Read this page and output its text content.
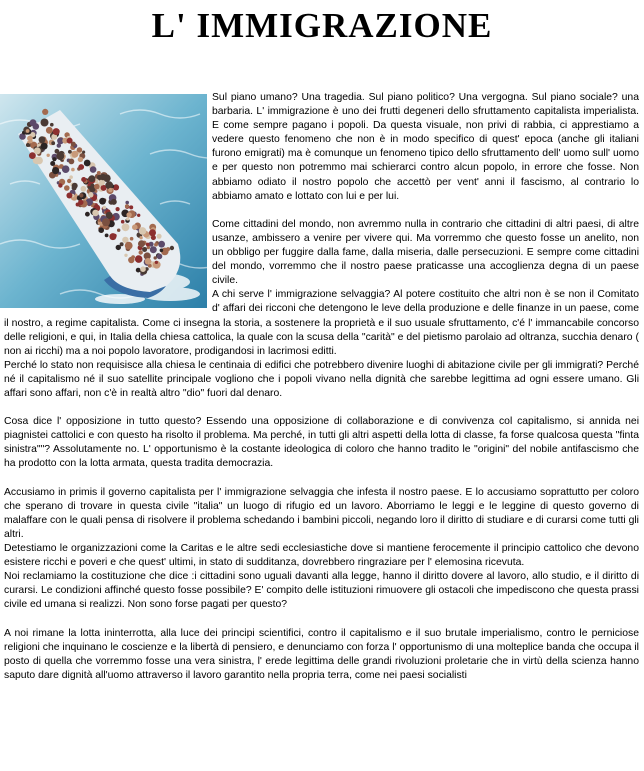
L' IMMIGRAZIONE

Sul piano umano? Una tragedia. Sul piano politico? Una vergogna. Sul piano sociale? una barbaria. L' immigrazione è uno dei frutti degeneri dello sfruttamento capitalista imperialista. E come sempre pagano i popoli. Da questa visuale, non privi di rabbia, ci apprestiamo a vedere questo fenomeno che non è in modo specifico di quest' epoca (anche gli italiani furono emigrati) ma è comunque un fenomeno tipico dello sfruttamento dell' uomo sull' uomo e per questo non potremmo mai schierarci contro alcun popolo, in errore che fosse. Non abbiamo odiato il nostro popolo che accettò per vent' anni il fascismo, al contrario lo abbiamo amato e lottato con lui e per lui.

Come cittadini del mondo, non avremmo nulla in contrario che cittadini di altri paesi, di altre usanze, ambissero a venire per vivere qui. Ma vorremmo che questo fosse un anelito, non un obbligo per fuggire dalla fame, dalla miseria, dalle persecuzioni. E sempre come cittadini del mondo, vorremmo che il nostro paese praticasse una accoglienza degna di un paese civile.

A chi serve l' immigrazione selvaggia? Al potere costituito che altri non è se non il Comitato d' affari dei ricconi che detengono le leve della produzione e delle finanze in un paese, come il nostro, a regime capitalista. Come ci insegna la storia, a sostenere la proprietà e il suo usuale sfruttamento, c'é l' immancabile concorso delle religioni, e qui, in Italia della chiesa cattolica, la quale con la scusa della "carità" e del pietismo parolaio ad oltranza, succhia denaro ( non ai ricchi) ma a noi popolo lavoratore, prodigandosi in lacrimosi editti.

Perché lo stato non requisisce alla chiesa le centinaia di edifici che potrebbero divenire luoghi di abitazione civile per gli immigrati? Perché né il capitalismo né il suo satellite principale vogliono che i popoli vivano nella dignità che sarebbe legittima ad ogni essere umano. Gli affari sono affari, non c'è in realtà altro "dio" fuori dal denaro.

Cosa dice l' opposizione in tutto questo? Essendo una opposizione di collaborazione e di convivenza col capitalismo, si annida nei piagnistei cattolici e con questo ha risolto il problema. Ma perché, in tutti gli altri aspetti della lotta di classe, fa forse qualcosa questa "finta sinistra""? Assolutamente no. L' opportunismo è la costante ideologica di coloro che hanno tradito le "origini" del nobile antifascismo che ha prodotto con la lotta armata, questa tradita democrazia.

Accusiamo in primis il governo capitalista per l' immigrazione selvaggia che infesta il nostro paese. E lo accusiamo soprattutto per coloro che sperano di trovare in questa civile "italia" un luogo di rifugio ed un lavoro. Aborriamo le leggi e le leggine di questo governo di malaffare con le quali pensa di risolvere il problema schedando i bambini piccoli, negando loro il diritto di studiare e di curarsi come tutti gli altri.

Detestiamo le organizzazioni come la Caritas e le altre sedi ecclesiastiche dove si mantiene ferocemente il principio cattolico che devono esistere ricchi e poveri e che quest' ultimi, in stato di sudditanza, dovrebbero ringraziare per l' elemosina ricevuta.

Noi reclamiamo la costituzione che dice :i cittadini sono uguali davanti alla legge, hanno il diritto dovere al lavoro, allo studio, e il diritto di curarsi. Le condizioni affinché questo fosse possibile? E' compito delle istituzioni rimuovere gli ostacoli che impediscono che questa prassi civile ed umana si realizzi. Non sono forse pagati per questo?

A noi rimane la lotta ininterrotta, alla luce dei principi scientifici, contro il capitalismo e il suo brutale imperialismo, contro le perniciose religioni che inquinano le coscienze e la libertà di pensiero, e denunciamo con forza l' opportunismo di una molteplice banda che occupa il posto di quella che vorremmo fosse una vera sinistra, l' erede legittima delle grandi rivoluzioni proletarie che in virtù della scienza hanno saputo dare dignità all'uomo attraverso il lavoro garantito nella propria terra, come nei paesi socialisti
